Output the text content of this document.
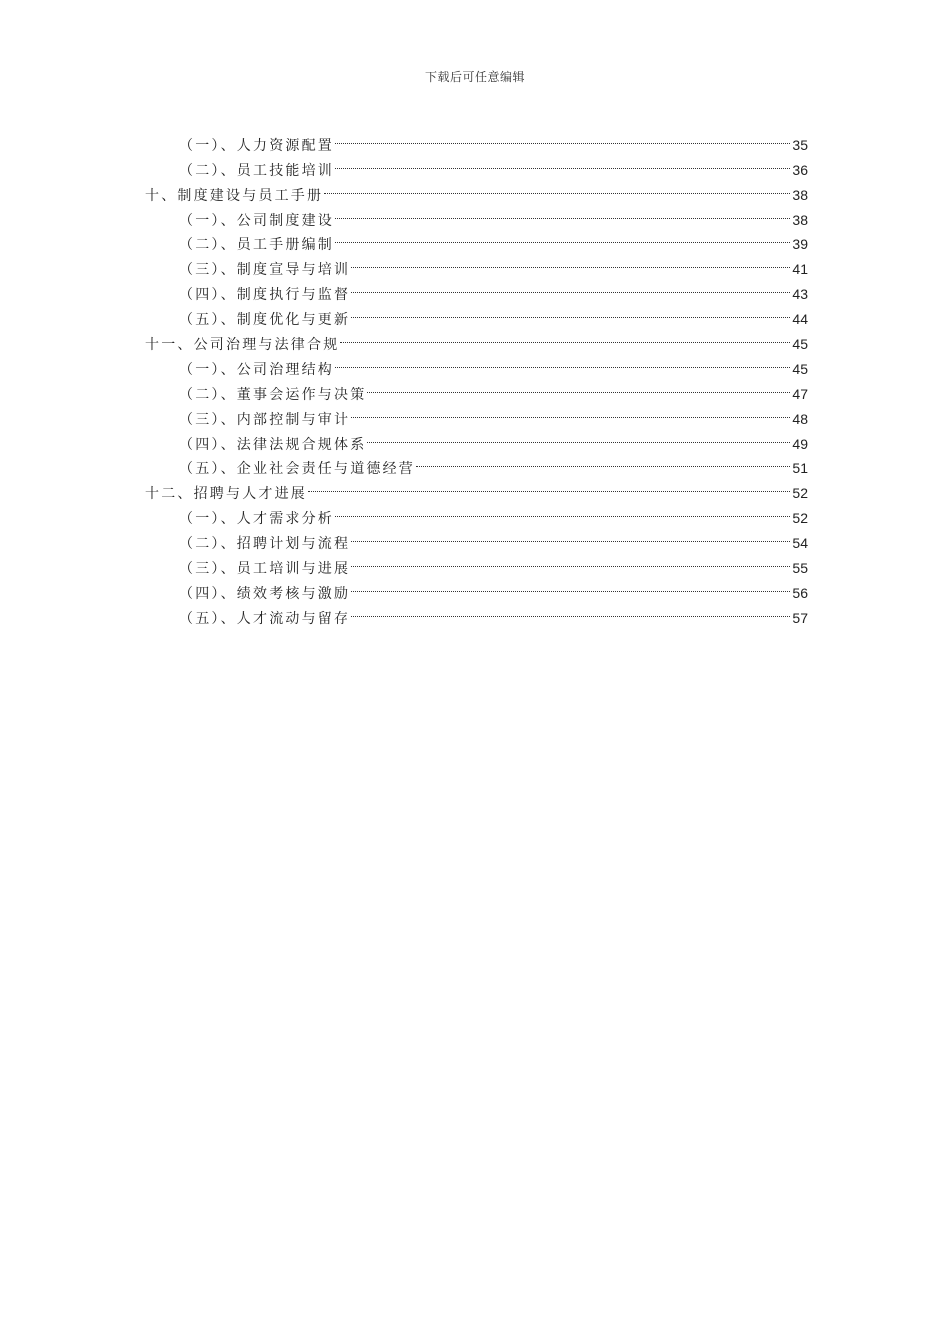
下载后可任意编辑
（一）、人力资源配置	35
（二）、员工技能培训	36
十、制度建设与员工手册	38
（一）、公司制度建设	38
（二）、员工手册编制	39
（三）、制度宣导与培训	41
（四）、制度执行与监督	43
（五）、制度优化与更新	44
十一、公司治理与法律合规	45
（一）、公司治理结构	45
（二）、董事会运作与决策	47
（三）、内部控制与审计	48
（四）、法律法规合规体系	49
（五）、企业社会责任与道德经营	51
十二、招聘与人才进展	52
（一）、人才需求分析	52
（二）、招聘计划与流程	54
（三）、员工培训与进展	55
（四）、绩效考核与激励	56
（五）、人才流动与留存	57
